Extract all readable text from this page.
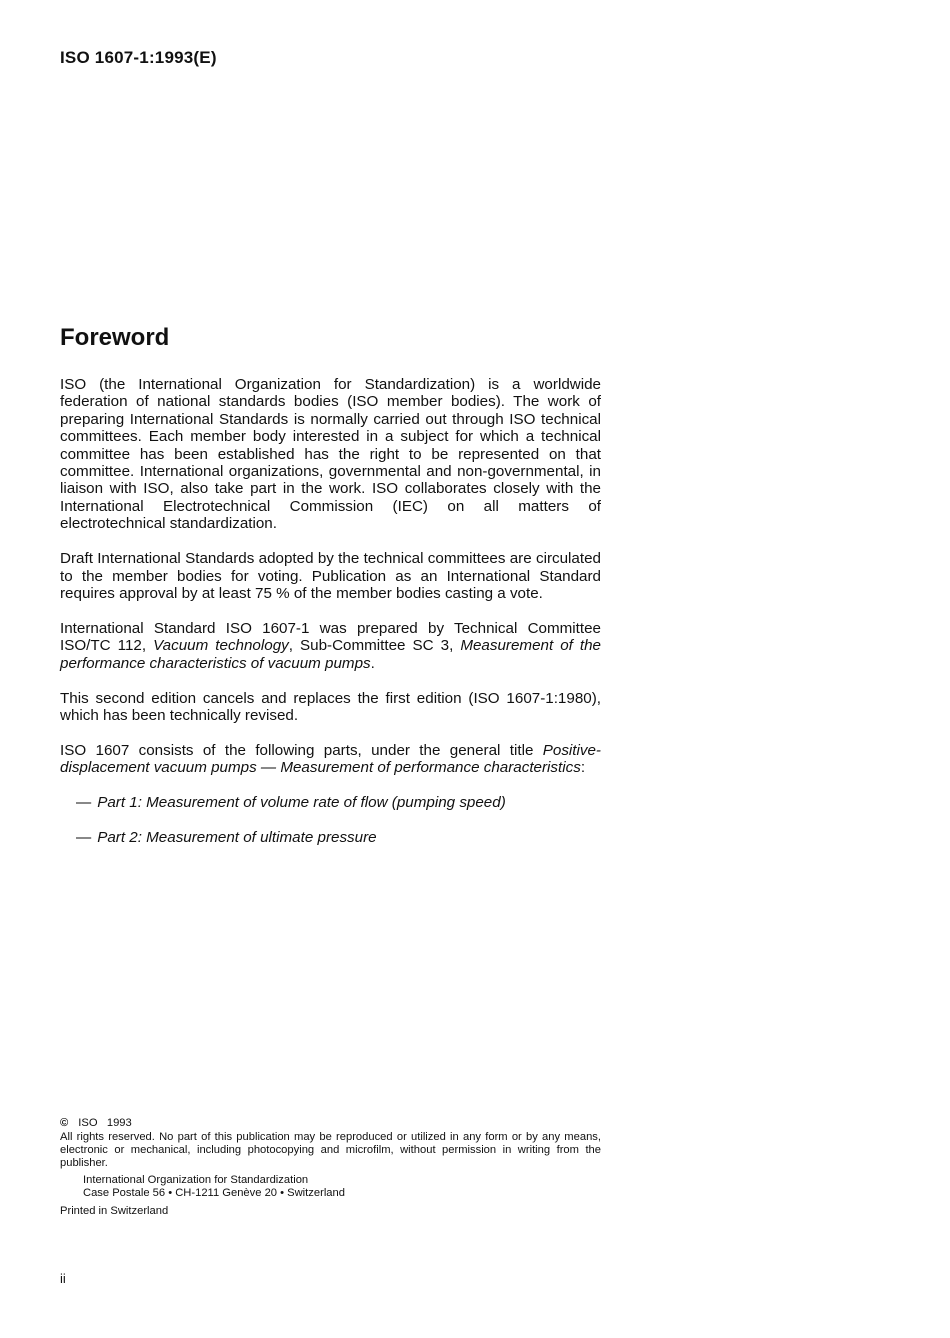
ISO 1607-1:1993(E)
Foreword

ISO (the International Organization for Standardization) is a worldwide federation of national standards bodies (ISO member bodies). The work of preparing International Standards is normally carried out through ISO technical committees. Each member body interested in a subject for which a technical committee has been established has the right to be represented on that committee. International organizations, governmental and non-governmental, in liaison with ISO, also take part in the work. ISO collaborates closely with the International Electrotechnical Commission (IEC) on all matters of electrotechnical standardization.

Draft International Standards adopted by the technical committees are circulated to the member bodies for voting. Publication as an International Standard requires approval by at least 75 % of the member bodies casting a vote.

International Standard ISO 1607-1 was prepared by Technical Committee ISO/TC 112, Vacuum technology, Sub-Committee SC 3, Measurement of the performance characteristics of vacuum pumps.

This second edition cancels and replaces the first edition (ISO 1607-1:1980), which has been technically revised.

ISO 1607 consists of the following parts, under the general title Positive-displacement vacuum pumps — Measurement of performance characteristics:

— Part 1: Measurement of volume rate of flow (pumping speed)
— Part 2: Measurement of ultimate pressure
© ISO   1993
All rights reserved. No part of this publication may be reproduced or utilized in any form or by any means, electronic or mechanical, including photocopying and microfilm, without permission in writing from the publisher.
International Organization for Standardization
Case Postale 56 • CH-1211 Genève 20 • Switzerland
Printed in Switzerland
ii
